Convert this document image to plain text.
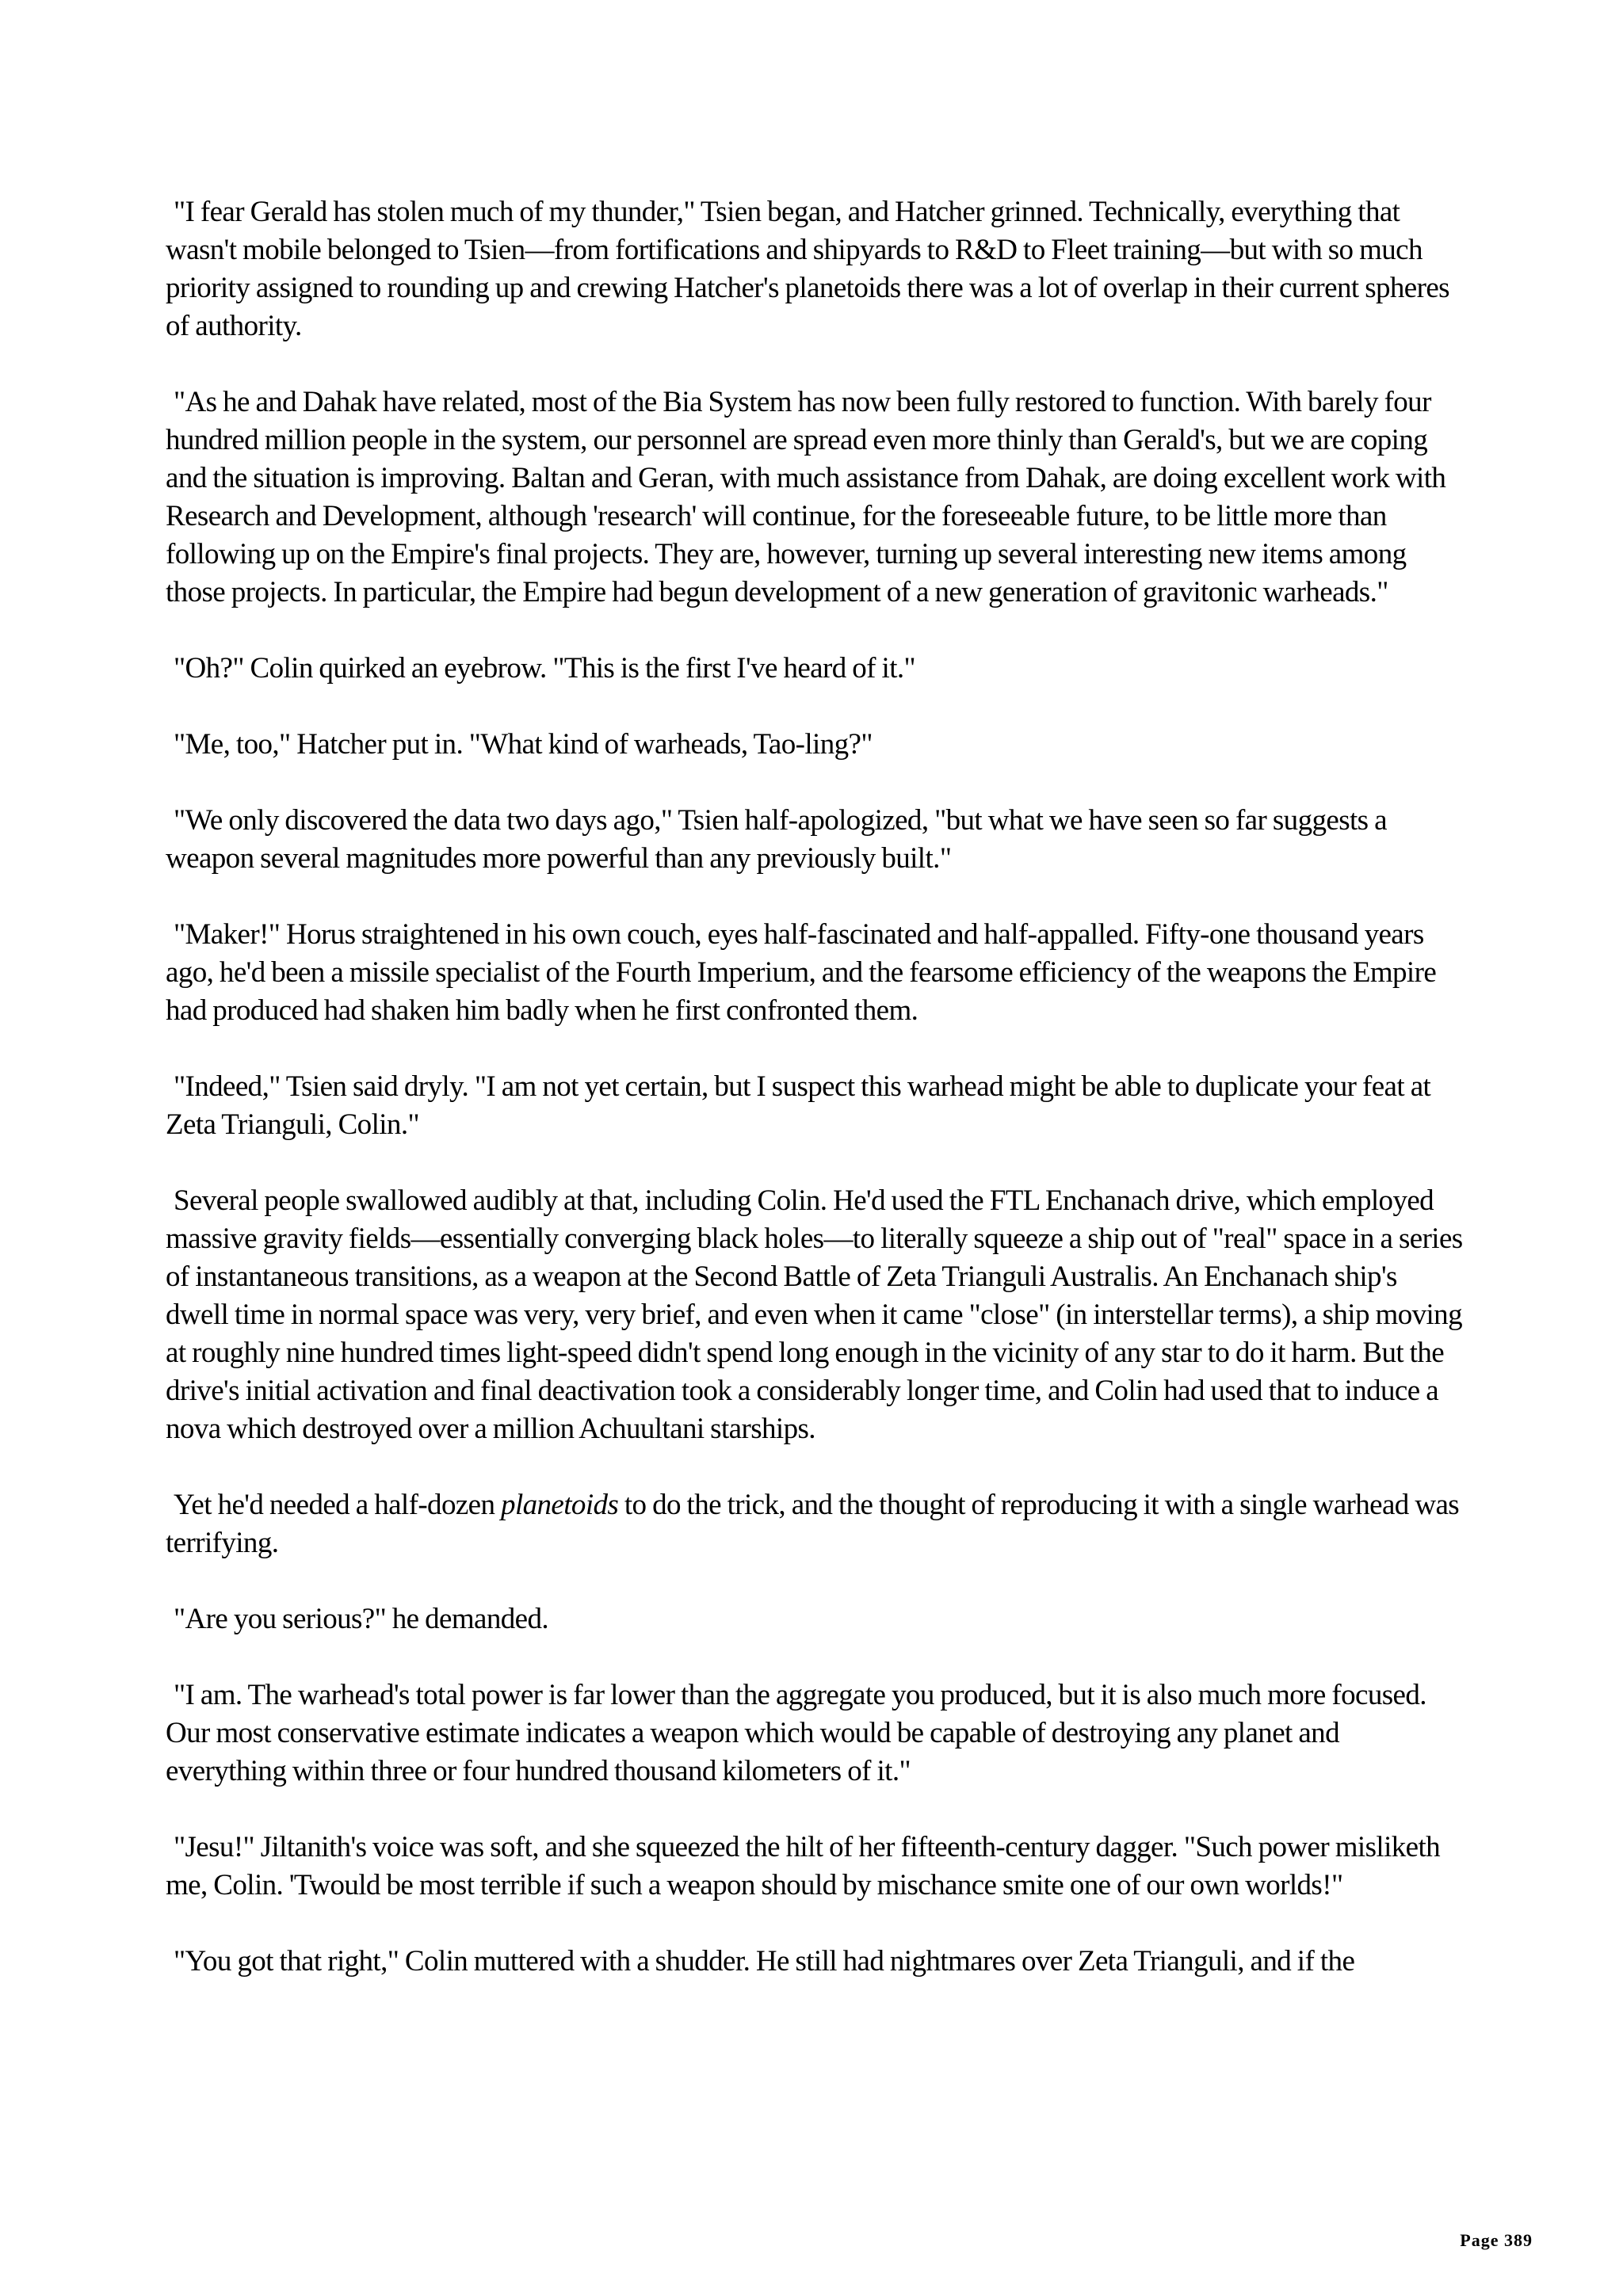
"I fear Gerald has stolen much of my thunder," Tsien began, and Hatcher grinned. Technically, everything that wasn't mobile belonged to Tsien—from fortifications and shipyards to R&D to Fleet training—but with so much priority assigned to rounding up and crewing Hatcher's planetoids there was a lot of overlap in their current spheres of authority.

"As he and Dahak have related, most of the Bia System has now been fully restored to function. With barely four hundred million people in the system, our personnel are spread even more thinly than Gerald's, but we are coping and the situation is improving. Baltan and Geran, with much assistance from Dahak, are doing excellent work with Research and Development, although 'research' will continue, for the foreseeable future, to be little more than following up on the Empire's final projects. They are, however, turning up several interesting new items among those projects. In particular, the Empire had begun development of a new generation of gravitonic warheads."

"Oh?" Colin quirked an eyebrow. "This is the first I've heard of it."

"Me, too," Hatcher put in. "What kind of warheads, Tao-ling?"

"We only discovered the data two days ago," Tsien half-apologized, "but what we have seen so far suggests a weapon several magnitudes more powerful than any previously built."

"Maker!" Horus straightened in his own couch, eyes half-fascinated and half-appalled. Fifty-one thousand years ago, he'd been a missile specialist of the Fourth Imperium, and the fearsome efficiency of the weapons the Empire had produced had shaken him badly when he first confronted them.

"Indeed," Tsien said dryly. "I am not yet certain, but I suspect this warhead might be able to duplicate your feat at Zeta Trianguli, Colin."

Several people swallowed audibly at that, including Colin. He'd used the FTL Enchanach drive, which employed massive gravity fields—essentially converging black holes—to literally squeeze a ship out of "real" space in a series of instantaneous transitions, as a weapon at the Second Battle of Zeta Trianguli Australis. An Enchanach ship's dwell time in normal space was very, very brief, and even when it came "close" (in interstellar terms), a ship moving at roughly nine hundred times light-speed didn't spend long enough in the vicinity of any star to do it harm. But the drive's initial activation and final deactivation took a considerably longer time, and Colin had used that to induce a nova which destroyed over a million Achuultani starships.

Yet he'd needed a half-dozen planetoids to do the trick, and the thought of reproducing it with a single warhead was terrifying.

"Are you serious?" he demanded.

"I am. The warhead's total power is far lower than the aggregate you produced, but it is also much more focused. Our most conservative estimate indicates a weapon which would be capable of destroying any planet and everything within three or four hundred thousand kilometers of it."

"Jesu!" Jiltanith's voice was soft, and she squeezed the hilt of her fifteenth-century dagger. "Such power misliketh me, Colin. 'Twould be most terrible if such a weapon should by mischance smite one of our own worlds!"

"You got that right," Colin muttered with a shudder. He still had nightmares over Zeta Trianguli, and if the

Page 389
